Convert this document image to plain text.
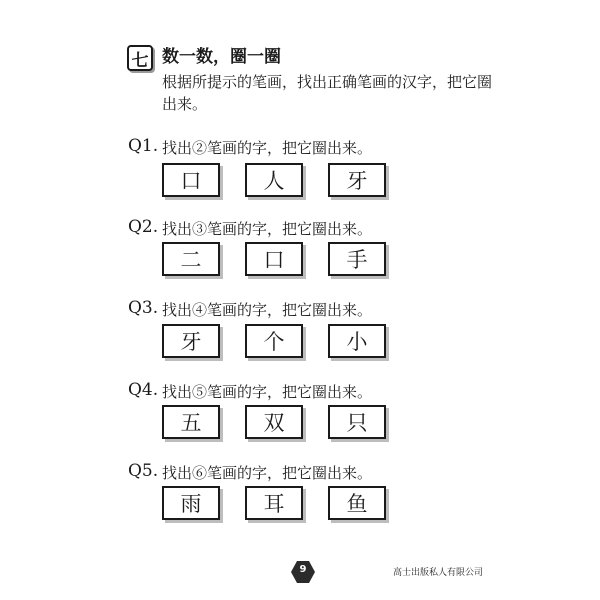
七 数一数，圈一圈
根据所提示的笔画，找出正确笔画的汉字，把它圈出来。
Q1. 找出②笔画的字，把它圈出来。
口	人	牙
Q2. 找出③笔画的字，把它圈出来。
二	口	手
Q3. 找出④笔画的字，把它圈出来。
牙	个	小
Q4. 找出⑤笔画的字，把它圈出来。
五	双	只
Q5. 找出⑥笔画的字，把它圈出来。
雨	耳	鱼
9	高士出版私人有限公司
